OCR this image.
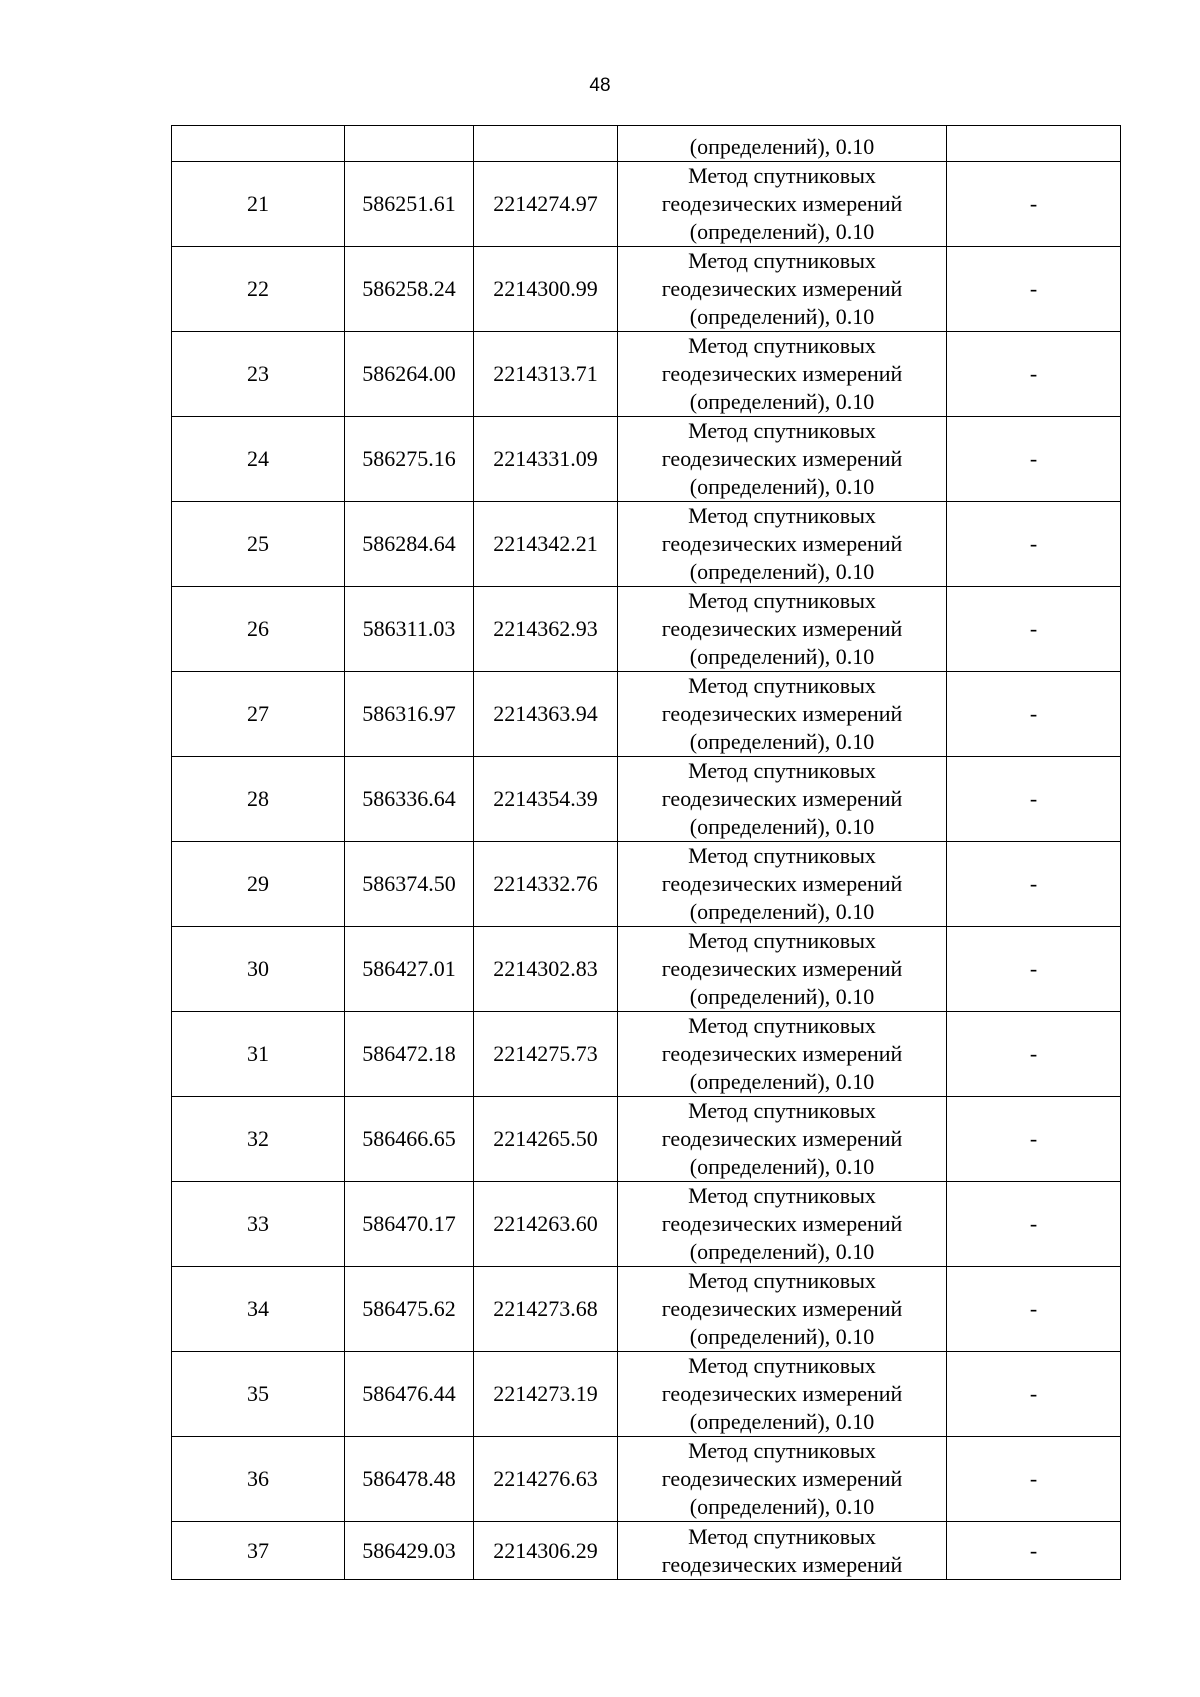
48

			(определений), 0.10	

21	586251.61	2214274.97	Метод спутниковых
геодезических измерений
(определений), 0.10	-
22	586258.24	2214300.99	Метод спутниковых
геодезических измерений
(определений), 0.10	-
23	586264.00	2214313.71	Метод спутниковых
геодезических измерений
(определений), 0.10	-
24	586275.16	2214331.09	Метод спутниковых
геодезических измерений
(определений), 0.10	-
25	586284.64	2214342.21	Метод спутниковых
геодезических измерений
(определений), 0.10	-
26	586311.03	2214362.93	Метод спутниковых
геодезических измерений
(определений), 0.10	-
27	586316.97	2214363.94	Метод спутниковых
геодезических измерений
(определений), 0.10	-
28	586336.64	2214354.39	Метод спутниковых
геодезических измерений
(определений), 0.10	-
29	586374.50	2214332.76	Метод спутниковых
геодезических измерений
(определений), 0.10	-
30	586427.01	2214302.83	Метод спутниковых
геодезических измерений
(определений), 0.10	-
31	586472.18	2214275.73	Метод спутниковых
геодезических измерений
(определений), 0.10	-
32	586466.65	2214265.50	Метод спутниковых
геодезических измерений
(определений), 0.10	-
33	586470.17	2214263.60	Метод спутниковых
геодезических измерений
(определений), 0.10	-
34	586475.62	2214273.68	Метод спутниковых
геодезических измерений
(определений), 0.10	-
35	586476.44	2214273.19	Метод спутниковых
геодезических измерений
(определений), 0.10	-
36	586478.48	2214276.63	Метод спутниковых
геодезических измерений
(определений), 0.10	-
37	586429.03	2214306.29	Метод спутниковых
геодезических измерений	-
